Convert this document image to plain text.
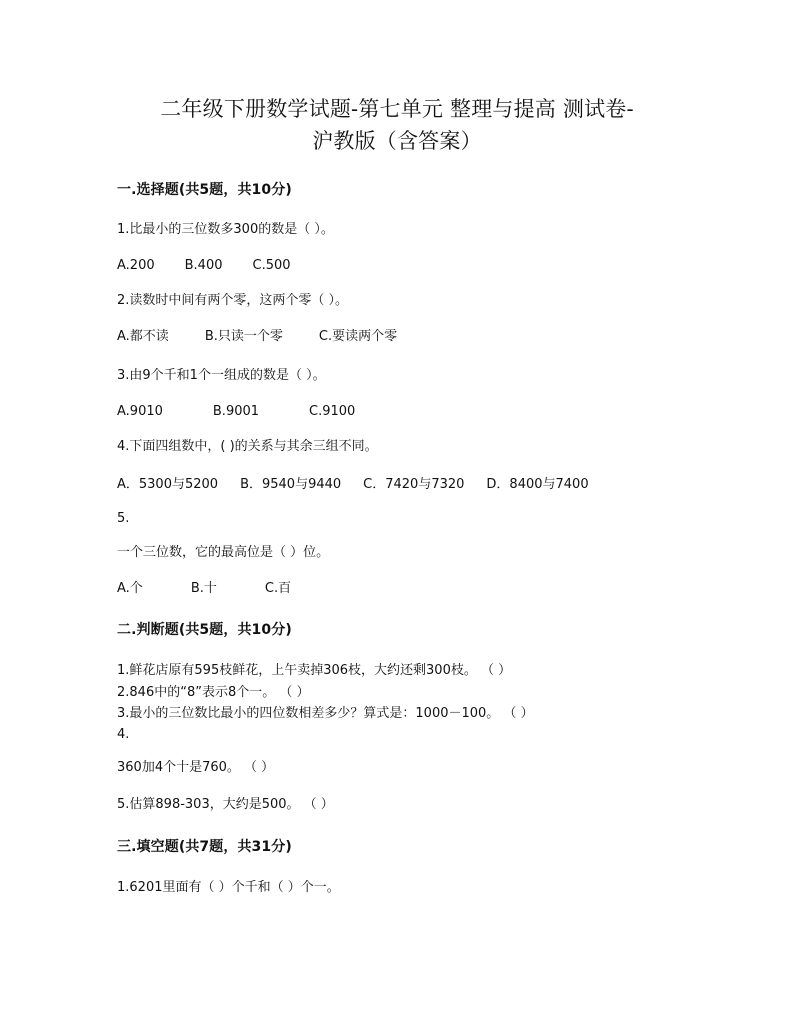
二年级下册数学试题-第七单元 整理与提高 测试卷-
沪教版（含答案）
一.选择题(共5题，共10分)
1.比最小的三位数多300的数是（ ）。
A.200 B.400 C.500
2.读数时中间有两个零，这两个零（ ）。
A.都不读	B.只读一个零	C.要读两个零
3.由9个千和1个一组成的数是（ ）。
A.9010	B.9001	C.9100
4.下面四组数中，( )的关系与其余三组不同。
A．5300与5200 B．9540与9440 C．7420与7320 D．8400与7400
5.
一个三位数，它的最高位是（ ）位。
A.个	B.十	C.百
二.判断题(共5题，共10分)
1.鲜花店原有595枝鲜花，上午卖掉306枝，大约还剩300枝。 （ ）
2.846中的“8”表示8个一。 （ ）
3.最小的三位数比最小的四位数相差多少？算式是：1000－100。 （ ）
4.
360加4个十是760。 （ ）
5.估算898-303，大约是500。 （ ）
三.填空题(共7题，共31分)
1.6201里面有（ ）个千和（ ）个一。
